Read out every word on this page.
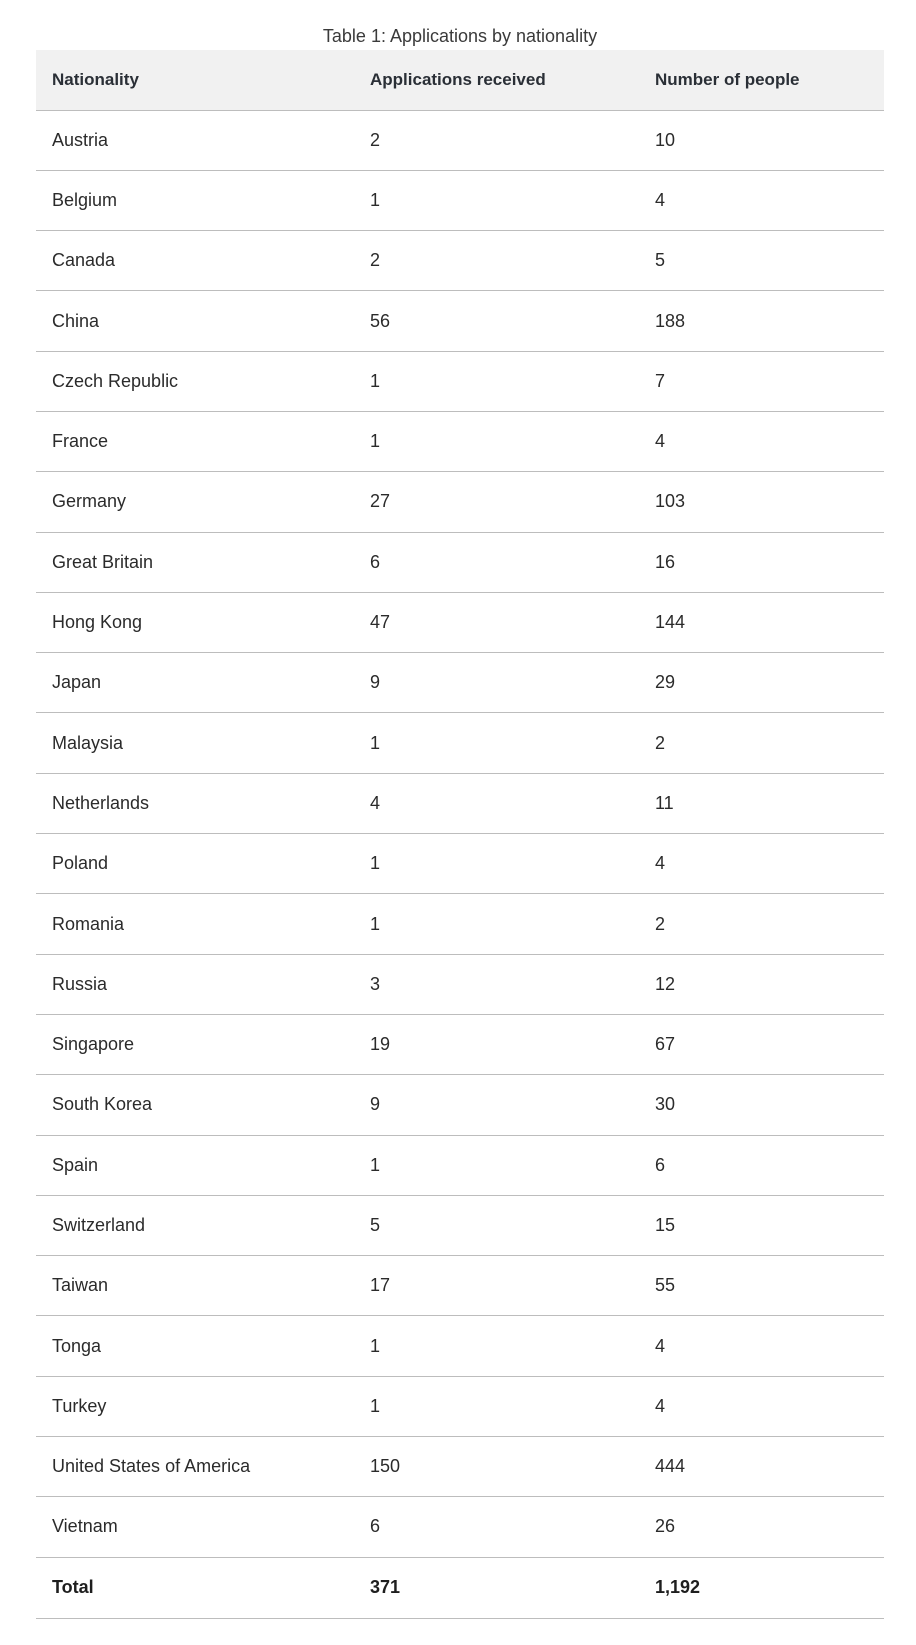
Table 1: Applications by nationality
Nationality	Applications received	Number of people
Austria	2	10
Belgium	1	4
Canada	2	5
China	56	188
Czech Republic	1	7
France	1	4
Germany	27	103
Great Britain	6	16
Hong Kong	47	144
Japan	9	29
Malaysia	1	2
Netherlands	4	11
Poland	1	4
Romania	1	2
Russia	3	12
Singapore	19	67
South Korea	9	30
Spain	1	6
Switzerland	5	15
Taiwan	17	55
Tonga	1	4
Turkey	1	4
United States of America	150	444
Vietnam	6	26
Total	371	1,192
